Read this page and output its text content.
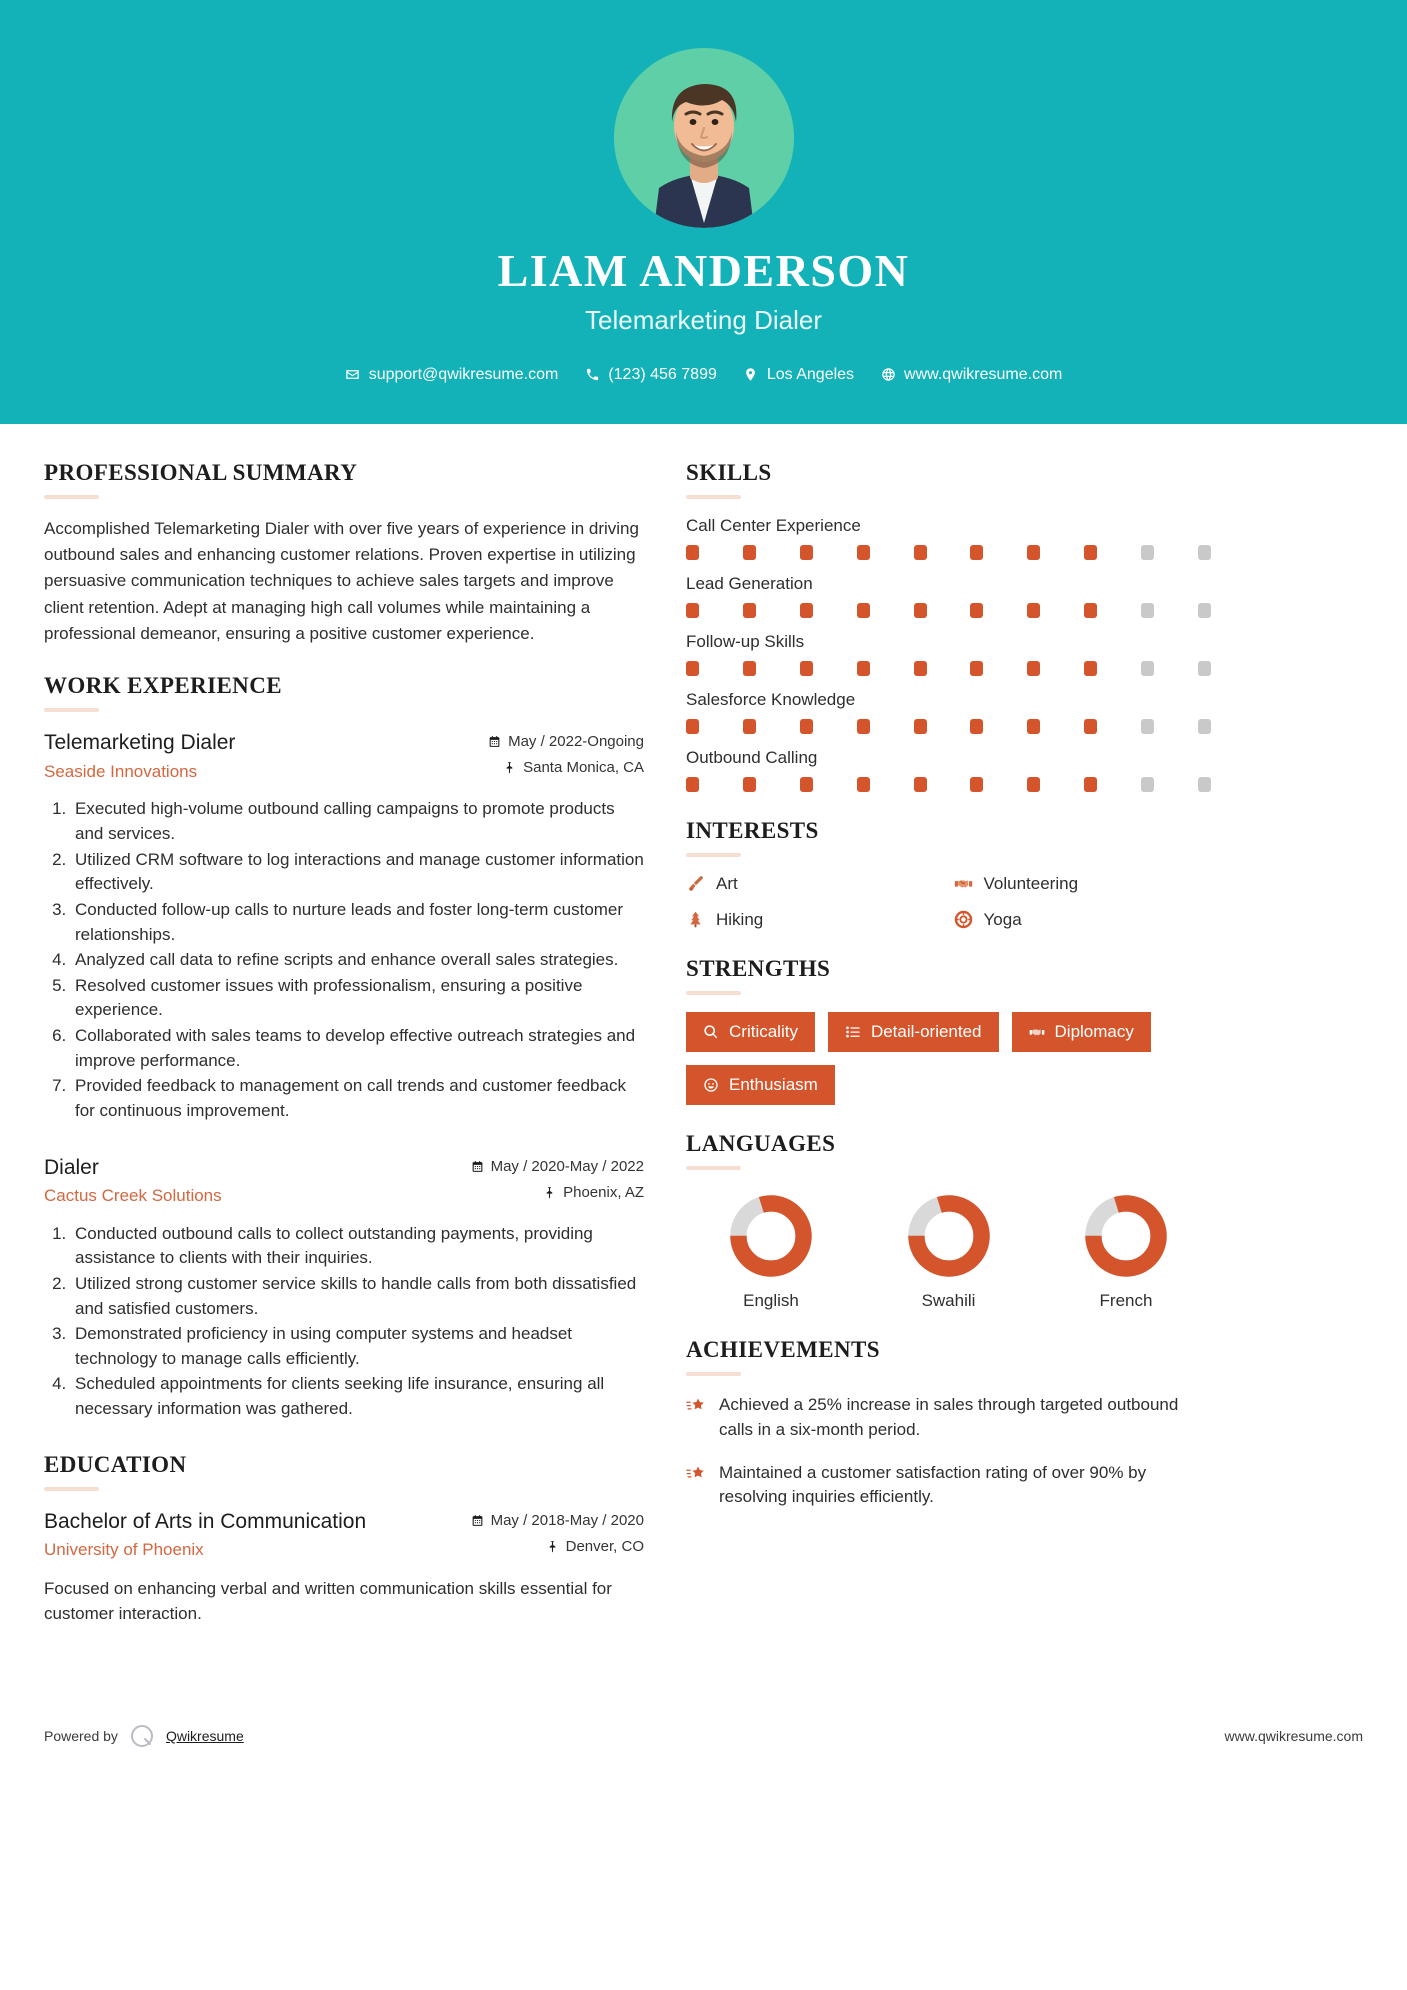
LIAM ANDERSON
Telemarketing Dialer
support@qwikresume.com	(123) 456 7899	Los Angeles	www.qwikresume.com
PROFESSIONAL SUMMARY
Accomplished Telemarketing Dialer with over five years of experience in driving outbound sales and enhancing customer relations. Proven expertise in utilizing persuasive communication techniques to achieve sales targets and improve client retention. Adept at managing high call volumes while maintaining a professional demeanor, ensuring a positive customer experience.
WORK EXPERIENCE
Telemarketing Dialer
Seaside Innovations
May / 2022-Ongoing
Santa Monica, CA
1. Executed high-volume outbound calling campaigns to promote products and services.
2. Utilized CRM software to log interactions and manage customer information effectively.
3. Conducted follow-up calls to nurture leads and foster long-term customer relationships.
4. Analyzed call data to refine scripts and enhance overall sales strategies.
5. Resolved customer issues with professionalism, ensuring a positive experience.
6. Collaborated with sales teams to develop effective outreach strategies and improve performance.
7. Provided feedback to management on call trends and customer feedback for continuous improvement.
Dialer
Cactus Creek Solutions
May / 2020-May / 2022
Phoenix, AZ
1. Conducted outbound calls to collect outstanding payments, providing assistance to clients with their inquiries.
2. Utilized strong customer service skills to handle calls from both dissatisfied and satisfied customers.
3. Demonstrated proficiency in using computer systems and headset technology to manage calls efficiently.
4. Scheduled appointments for clients seeking life insurance, ensuring all necessary information was gathered.
EDUCATION
Bachelor of Arts in Communication
University of Phoenix
May / 2018-May / 2020
Denver, CO
Focused on enhancing verbal and written communication skills essential for customer interaction.
SKILLS
Call Center Experience
Lead Generation
Follow-up Skills
Salesforce Knowledge
Outbound Calling
INTERESTS
Art	Volunteering
Hiking	Yoga
STRENGTHS
Criticality	Detail-oriented	Diplomacy
Enthusiasm
LANGUAGES
English	Swahili	French
ACHIEVEMENTS
Achieved a 25% increase in sales through targeted outbound calls in a six-month period.
Maintained a customer satisfaction rating of over 90% by resolving inquiries efficiently.
Powered by	Qwikresume	www.qwikresume.com
